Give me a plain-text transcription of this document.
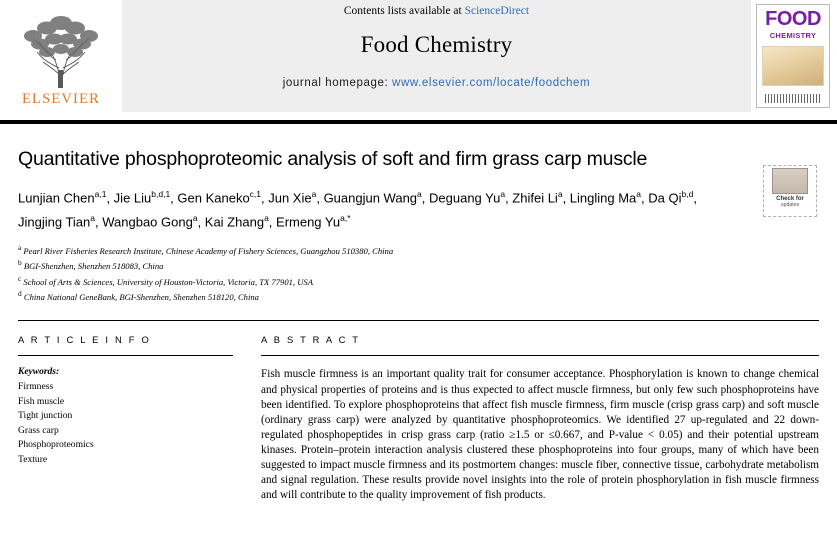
ELSEVIER
Contents lists available at ScienceDirect
Food Chemistry
journal homepage: www.elsevier.com/locate/foodchem
FOOD
CHEMISTRY
Quantitative phosphoproteomic analysis of soft and firm grass carp muscle
Lunjian Chen$^{a,1}$, Jie Liu$^{b,d,1}$, Gen Kaneko$^{c,1}$, Jun Xie$^a$, Guangjun Wang$^a$, Deguang Yu$^a$, Zhifei Li$^a$, Lingling Ma$^a$, Da Qi$^{b,d}$, Jingjing Tian$^a$, Wangbao Gong$^a$, Kai Zhang$^a$, Ermeng $Yu^{a,*}$
a Pearl River Fisheries Research Institute, Chinese Academy of Fishery Sciences, Guangzhou 510380, China
b BGI-Shenzhen, Shenzhen 518083, China
c School of Arts & Sciences, University of Houston-Victoria, Victoria, TX 77901, USA
d China National GeneBank, BGI-Shenzhen, Shenzhen 518120, China
Check for
updates
A R T I C L E I N F O
Keywords:
Firmness
Fish muscle
Tight junction
Grass carp
Phosphoproteomics
Texture
A B S T R A C T
Fish muscle firmness is an important quality trait for consumer acceptance. Phosphorylation is known to change chemical and physical properties of proteins and is thus expected to affect muscle firmness, but only few such phosphoproteins have been identified. To explore phosphoproteins that affect fish muscle firmness, firm muscle (crisp grass carp) and soft muscle (ordinary grass carp) were analyzed by quantitative phosphoproteomics. We identified 27 up-regulated and 22 down-regulated phosphopeptides in crisp grass carp (ratio ≥1.5 or ≤0.667, and P-value < 0.05) and their potential upstream kinases. Protein–protein interaction analysis clustered these phosphoproteins into four groups, many of which have been suggested to impact muscle firmness and its postmortem changes: muscle fiber, connective tissue, carbohydrate metabolism and signal regulation. These results provide novel insights into the role of protein phosphorylation in fish muscle firmness and will contribute to the quality improvement of fish products.
